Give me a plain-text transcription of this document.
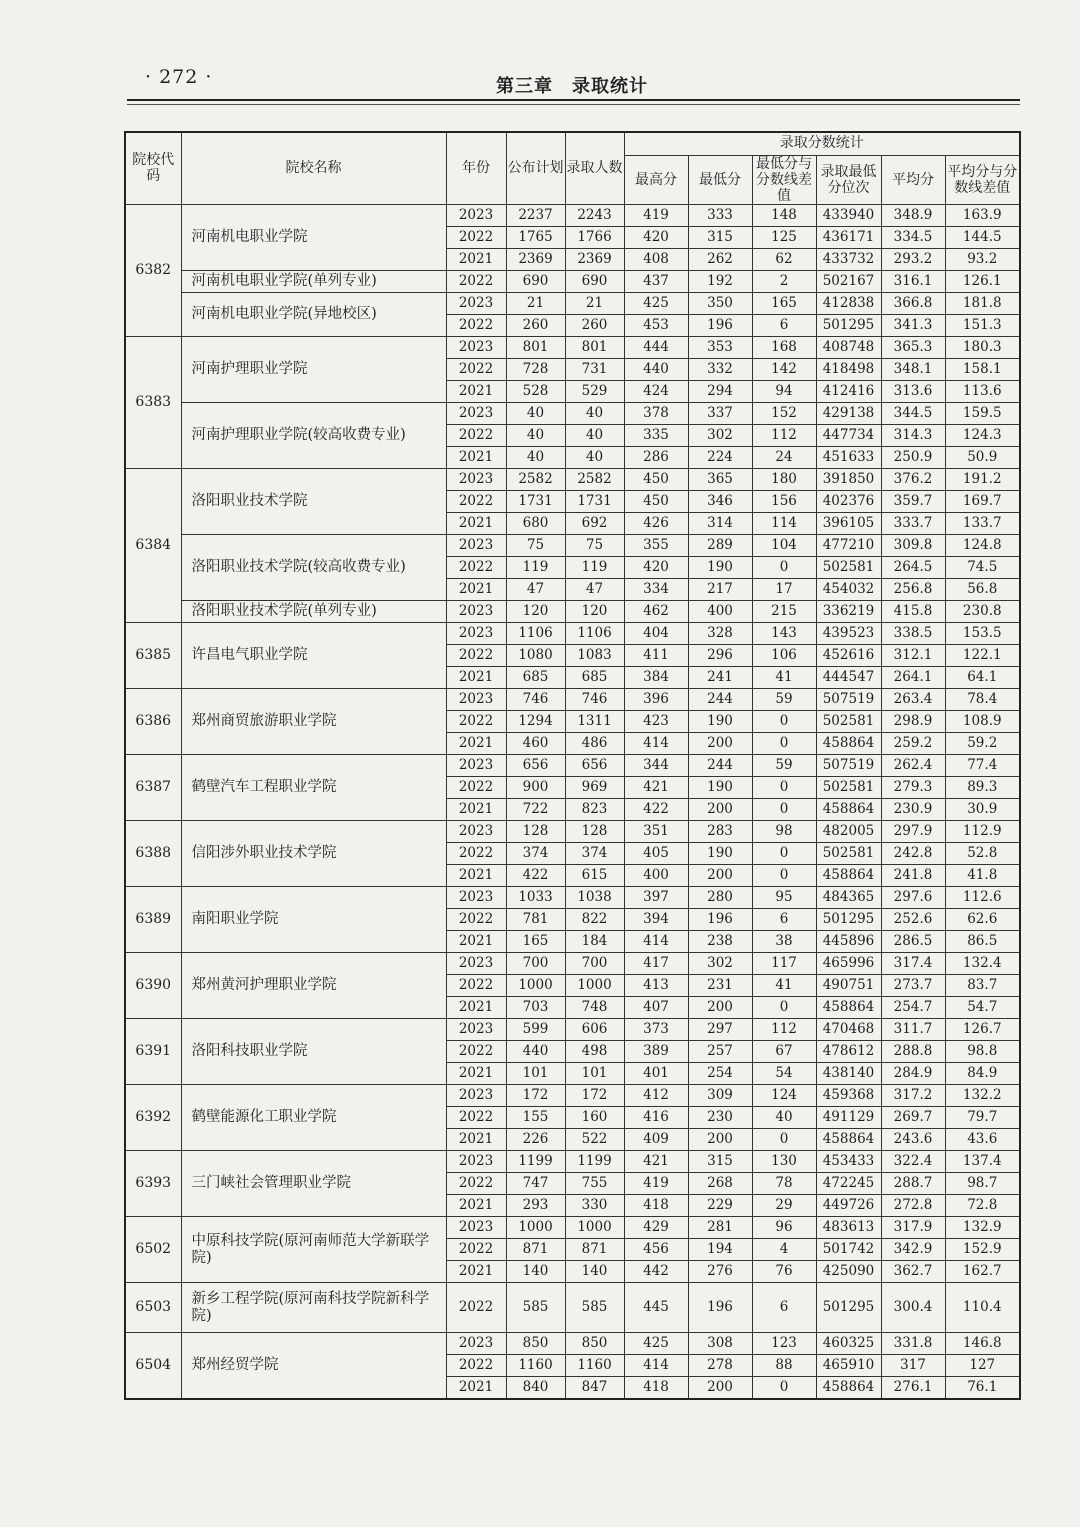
· 272 ·	第三章　录取统计
院校代码	院校名称	年份	公布计划	录取人数	录取分数统计					
					最高分	最低分	最低分与分数线差值	录取最低分位次	平均分	平均分与分数线差值
6382	河南机电职业学院	2023	2237	2243	419	333	148	433940	348.9	163.9
		2022	1765	1766	420	315	125	436171	334.5	144.5
		2021	2369	2369	408	262	62	433732	293.2	93.2
	河南机电职业学院(单列专业)	2022	690	690	437	192	2	502167	316.1	126.1
	河南机电职业学院(异地校区)	2023	21	21	425	350	165	412838	366.8	181.8
		2022	260	260	453	196	6	501295	341.3	151.3
6383	河南护理职业学院	2023	801	801	444	353	168	408748	365.3	180.3
		2022	728	731	440	332	142	418498	348.1	158.1
		2021	528	529	424	294	94	412416	313.6	113.6
	河南护理职业学院(较高收费专业)	2023	40	40	378	337	152	429138	344.5	159.5
		2022	40	40	335	302	112	447734	314.3	124.3
		2021	40	40	286	224	24	451633	250.9	50.9
6384	洛阳职业技术学院	2023	2582	2582	450	365	180	391850	376.2	191.2
		2022	1731	1731	450	346	156	402376	359.7	169.7
		2021	680	692	426	314	114	396105	333.7	133.7
	洛阳职业技术学院(较高收费专业)	2023	75	75	355	289	104	477210	309.8	124.8
		2022	119	119	420	190	0	502581	264.5	74.5
		2021	47	47	334	217	17	454032	256.8	56.8
	洛阳职业技术学院(单列专业)	2023	120	120	462	400	215	336219	415.8	230.8
6385	许昌电气职业学院	2023	1106	1106	404	328	143	439523	338.5	153.5
		2022	1080	1083	411	296	106	452616	312.1	122.1
		2021	685	685	384	241	41	444547	264.1	64.1
6386	郑州商贸旅游职业学院	2023	746	746	396	244	59	507519	263.4	78.4
		2022	1294	1311	423	190	0	502581	298.9	108.9
		2021	460	486	414	200	0	458864	259.2	59.2
6387	鹤壁汽车工程职业学院	2023	656	656	344	244	59	507519	262.4	77.4
		2022	900	969	421	190	0	502581	279.3	89.3
		2021	722	823	422	200	0	458864	230.9	30.9
6388	信阳涉外职业技术学院	2023	128	128	351	283	98	482005	297.9	112.9
		2022	374	374	405	190	0	502581	242.8	52.8
		2021	422	615	400	200	0	458864	241.8	41.8
6389	南阳职业学院	2023	1033	1038	397	280	95	484365	297.6	112.6
		2022	781	822	394	196	6	501295	252.6	62.6
		2021	165	184	414	238	38	445896	286.5	86.5
6390	郑州黄河护理职业学院	2023	700	700	417	302	117	465996	317.4	132.4
		2022	1000	1000	413	231	41	490751	273.7	83.7
		2021	703	748	407	200	0	458864	254.7	54.7
6391	洛阳科技职业学院	2023	599	606	373	297	112	470468	311.7	126.7
		2022	440	498	389	257	67	478612	288.8	98.8
		2021	101	101	401	254	54	438140	284.9	84.9
6392	鹤壁能源化工职业学院	2023	172	172	412	309	124	459368	317.2	132.2
		2022	155	160	416	230	40	491129	269.7	79.7
		2021	226	522	409	200	0	458864	243.6	43.6
6393	三门峡社会管理职业学院	2023	1199	1199	421	315	130	453433	322.4	137.4
		2022	747	755	419	268	78	472245	288.7	98.7
		2021	293	330	418	229	29	449726	272.8	72.8
6502	中原科技学院(原河南师范大学新联学院)	2023	1000	1000	429	281	96	483613	317.9	132.9
		2022	871	871	456	194	4	501742	342.9	152.9
		2021	140	140	442	276	76	425090	362.7	162.7
6503	新乡工程学院(原河南科技学院新科学院)	2022	585	585	445	196	6	501295	300.4	110.4
6504	郑州经贸学院	2023	850	850	425	308	123	460325	331.8	146.8
		2022	1160	1160	414	278	88	465910	317	127
		2021	840	847	418	200	0	458864	276.1	76.1
